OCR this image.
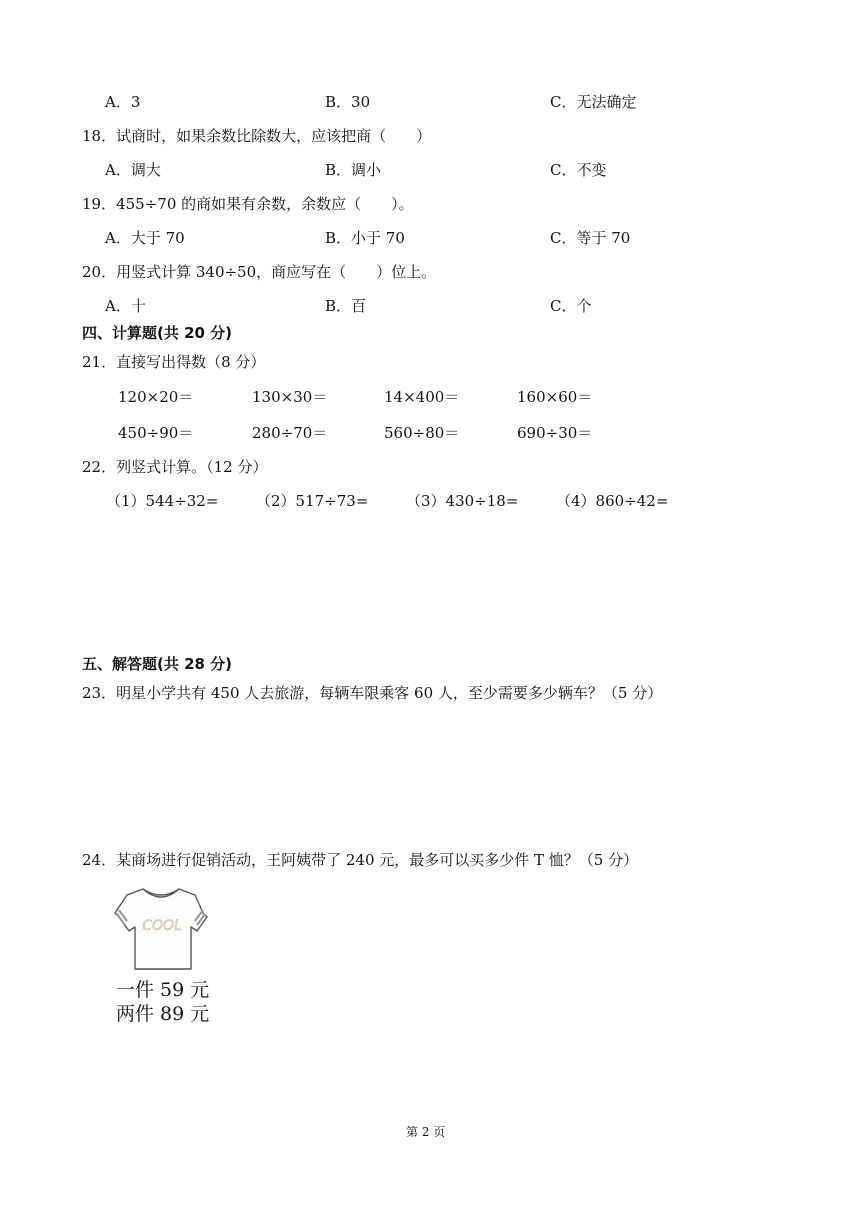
A．3	B．30	C．无法确定
18．试商时，如果余数比除数大，应该把商（　　）
A．调大	B．调小	C．不变
19．455÷70 的商如果有余数，余数应（　　）。
A．大于 70	B．小于 70	C．等于 70
20．用竖式计算 340÷50，商应写在（　　）位上。
A．十	B．百	C．个
四、计算题(共 20 分)
21．直接写出得数（8 分）
120×20＝	130×30＝	14×400＝	160×60＝
450÷90＝	280÷70＝	560÷80＝	690÷30＝
22．列竖式计算。（12 分）
（1）544÷32=	（2）517÷73=	（3）430÷18=	（4）860÷42=
五、解答题(共 28 分)
23．明星小学共有 450 人去旅游，每辆车限乘客 60 人，至少需要多少辆车？（5 分）
24．某商场进行促销活动，王阿姨带了 240 元，最多可以买多少件 T 恤？（5 分）
COOL
一件 59 元
两件 89 元
第 2 页
